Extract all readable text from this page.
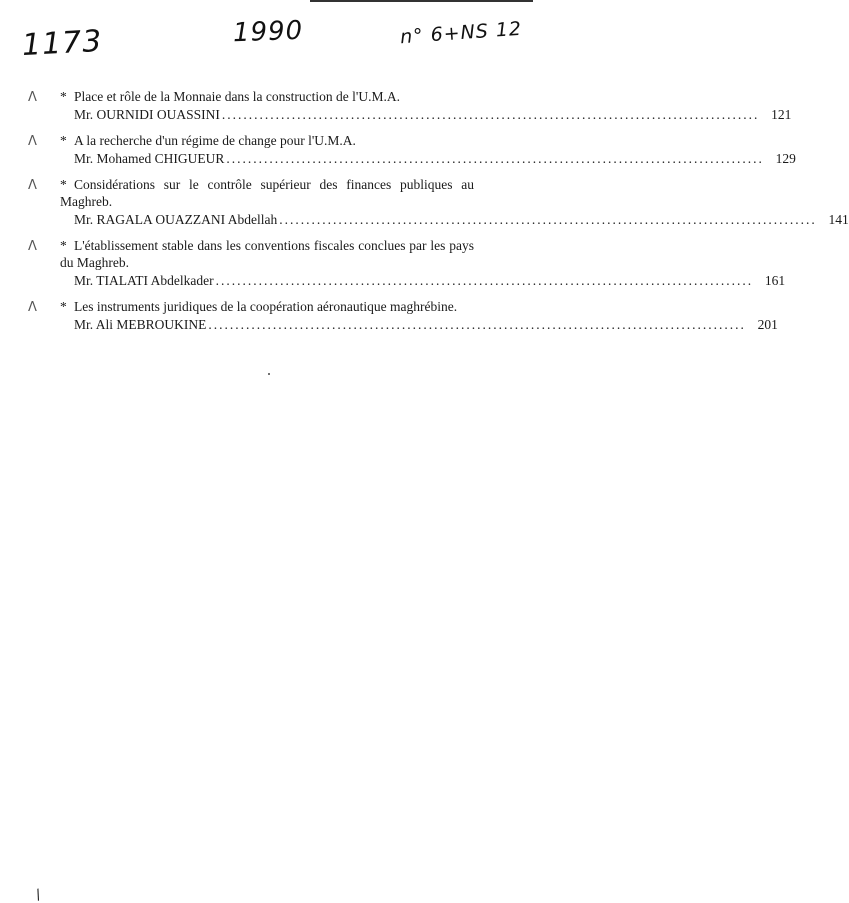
1173	1990	n° 6+NS 12
Λ * Place et rôle de la Monnaie dans la construction de l'U.M.A.
Mr. OURNIDI OUASSINI .................................................................................................... 121
Λ * A la recherche d'un régime de change pour l'U.M.A.
Mr. Mohamed CHIGUEUR .................................................................................................... 129
Λ * Considérations sur le contrôle supérieur des finances publiques au Maghreb.
Mr. RAGALA OUAZZANI Abdellah .................................................................................................... 141
Λ * L'établissement stable dans les conventions fiscales conclues par les pays du Maghreb.
Mr. TIALATI Abdelkader .................................................................................................... 161
Λ * Les instruments juridiques de la coopération aéronautique maghrébine.
Mr. Ali MEBROUKINE .................................................................................................... 201
/
